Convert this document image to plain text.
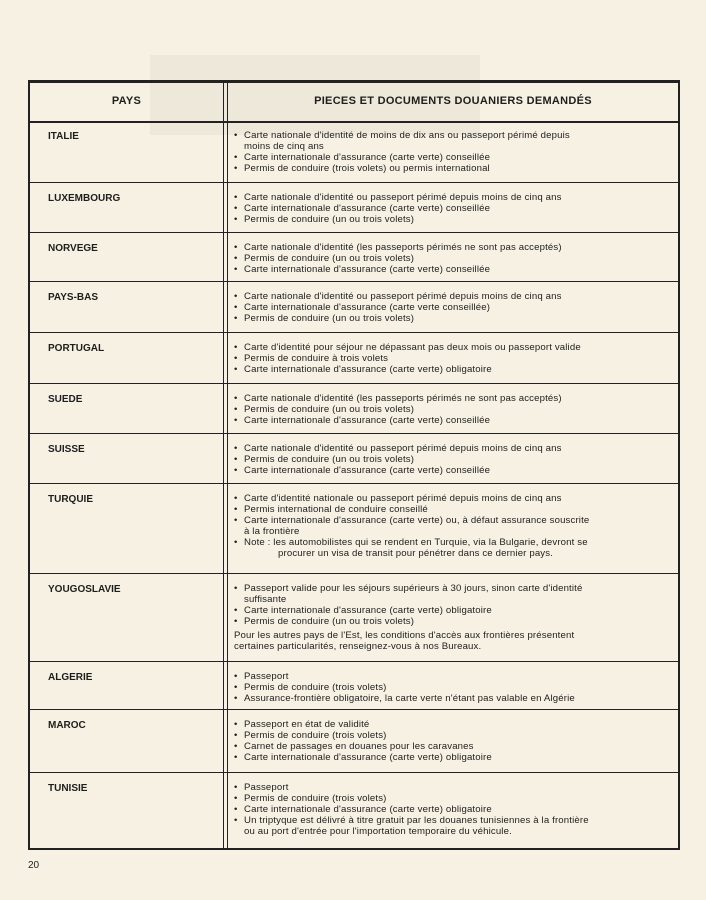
PAYS	PIECES ET DOCUMENTS DOUANIERS DEMANDÉS
ITALIE	• Carte nationale d'identité de moins de dix ans ou passeport périmé depuis
moins de cinq ans
• Carte internationale d'assurance (carte verte) conseillée
• Permis de conduire (trois volets) ou permis international
LUXEMBOURG	• Carte nationale d'identité ou passeport périmé depuis moins de cinq ans
• Carte internationale d'assurance (carte verte) conseillée
• Permis de conduire (un ou trois volets)
NORVEGE	• Carte nationale d'identité (les passeports périmés ne sont pas acceptés)
• Permis de conduire (un ou trois volets)
• Carte internationale d'assurance (carte verte) conseillée
PAYS-BAS	• Carte nationale d'identité ou passeport périmé depuis moins de cinq ans
• Carte internationale d'assurance (carte verte conseillée)
• Permis de conduire (un ou trois volets)
PORTUGAL	• Carte d'identité pour séjour ne dépassant pas deux mois ou passeport valide
• Permis de conduire à trois volets
• Carte internationale d'assurance (carte verte) obligatoire
SUEDE	• Carte nationale d'identité (les passeports périmés ne sont pas acceptés)
• Permis de conduire (un ou trois volets)
• Carte internationale d'assurance (carte verte) conseillée
SUISSE	• Carte nationale d'identité ou passeport périmé depuis moins de cinq ans
• Permis de conduire (un ou trois volets)
• Carte internationale d'assurance (carte verte) conseillée
TURQUIE	• Carte d'identité nationale ou passeport périmé depuis moins de cinq ans
• Permis international de conduire conseillé
• Carte internationale d'assurance (carte verte) ou, à défaut assurance souscrite
à la frontière
• Note : les automobilistes qui se rendent en Turquie, via la Bulgarie, devront se
procurer un visa de transit pour pénétrer dans ce dernier pays.
YOUGOSLAVIE	• Passeport valide pour les séjours supérieurs à 30 jours, sinon carte d'identité
suffisante
• Carte internationale d'assurance (carte verte) obligatoire
• Permis de conduire (un ou trois volets)
Pour les autres pays de l'Est, les conditions d'accès aux frontières présentent
certaines particularités, renseignez-vous à nos Bureaux.
ALGERIE	• Passeport
• Permis de conduire (trois volets)
• Assurance-frontière obligatoire, la carte verte n'étant pas valable en Algérie
MAROC	• Passeport en état de validité
• Permis de conduire (trois volets)
• Carnet de passages en douanes pour les caravanes
• Carte internationale d'assurance (carte verte) obligatoire
TUNISIE	• Passeport
• Permis de conduire (trois volets)
• Carte internationale d'assurance (carte verte) obligatoire
• Un triptyque est délivré à titre gratuit par les douanes tunisiennes à la frontière
ou au port d'entrée pour l'importation temporaire du véhicule.
20
